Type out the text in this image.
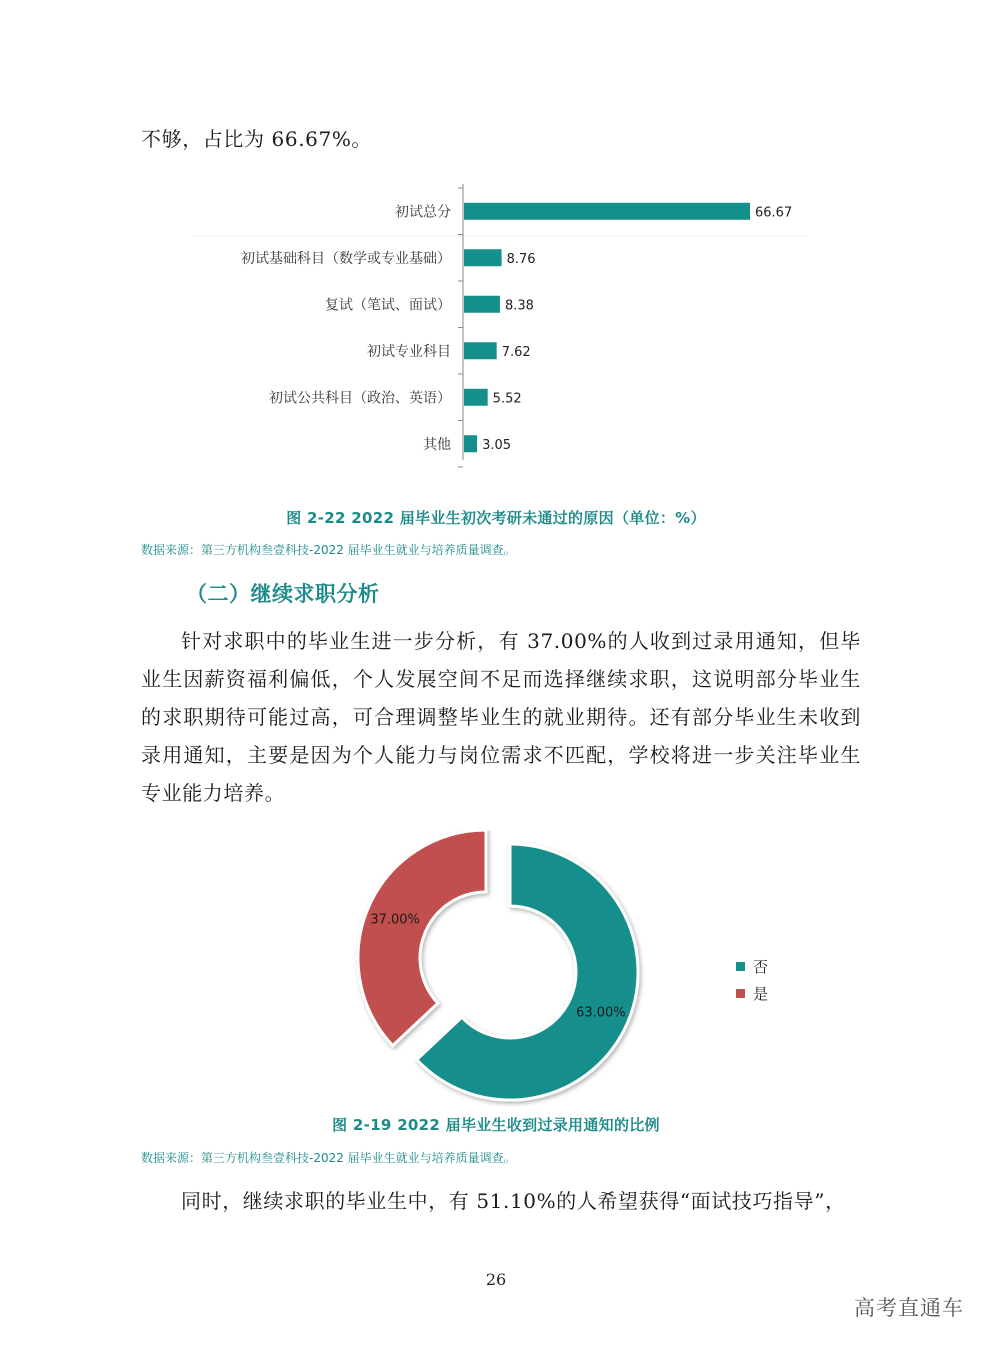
不够，占比为 66.67%。

初试总分	66.67
初试基础科目（数学或专业基础）	8.76
复试（笔试、面试）	8.38
初试专业科目	7.62
初试公共科目（政治、英语）	5.52
其他 3.05
图 2-22 2022 届毕业生初次考研未通过的原因（单位：%）
数据来源：第三方机构叁壹科技-2022 届毕业生就业与培养质量调查。
（二）继续求职分析

针对求职中的毕业生进一步分析，有 37.00%的人收到过录用通知，但毕业生因薪资福利偏低，个人发展空间不足而选择继续求职，这说明部分毕业生的求职期待可能过高，可合理调整毕业生的就业期待。还有部分毕业生未收到录用通知，主要是因为个人能力与岗位需求不匹配，学校将进一步关注毕业生专业能力培养。

63.00%
37.00%
否
是
图 2-19 2022 届毕业生收到过录用通知的比例
数据来源：第三方机构叁壹科技-2022 届毕业生就业与培养质量调查。

同时，继续求职的毕业生中，有 51.10%的人希望获得“面试技巧指导”，

26
高考直通车
